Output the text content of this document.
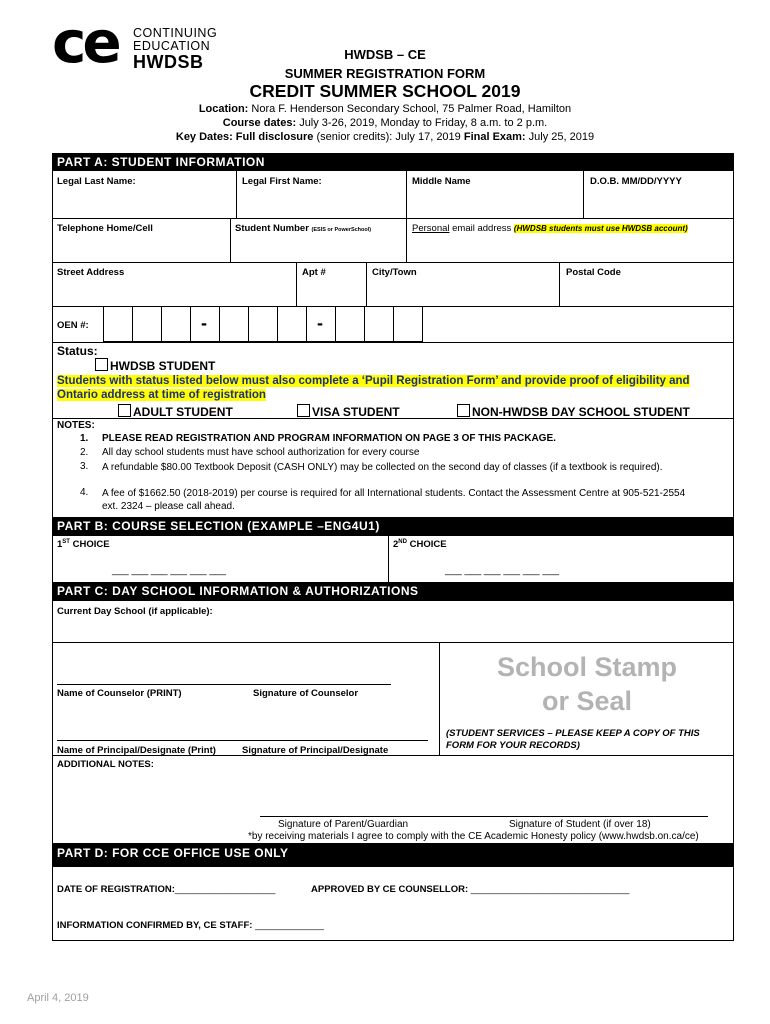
ce CONTINUING
EDUCATION
HWDSB	HWDSB – CE
SUMMER REGISTRATION FORM
CREDIT SUMMER SCHOOL 2019
Location: Nora F. Henderson Secondary School, 75 Palmer Road, Hamilton
Course dates: July 3-26, 2019, Monday to Friday, 8 a.m. to 2 p.m.
Key Dates: Full disclosure (senior credits): July 17, 2019 Final Exam: July 25, 2019
PART A: STUDENT INFORMATION
Legal Last Name:	Legal First Name:	Middle Name	D.O.B. MM/DD/YYYY
Telephone Home/Cell	Student Number (ESIS or PowerSchool)	Personal email address (HWDSB students must use HWDSB account)
Street Address	Apt #	City/Town	Postal Code
OEN #:	-	-
Status:
HWDSB STUDENT
Students with status listed below must also complete a ‘Pupil Registration Form’ and provide proof of eligibility and Ontario address at time of registration
ADULT STUDENT	VISA STUDENT	NON-HWDSB DAY SCHOOL STUDENT
NOTES:
1. PLEASE READ REGISTRATION AND PROGRAM INFORMATION ON PAGE 3 OF THIS PACKAGE.
2. All day school students must have school authorization for every course
3. A refundable $80.00 Textbook Deposit (CASH ONLY) may be collected on the second day of classes (if a textbook is required).
4. A fee of $1662.50 (2018-2019) per course is required for all International students. Contact the Assessment Centre at 905-521-2554 ext. 2324 – please call ahead.
PART B: COURSE SELECTION (EXAMPLE –ENG4U1)
1ST CHOICE	2ND CHOICE
___ ___ ___ ___ ___ ___	___ ___ ___ ___ ___ ___
PART C: DAY SCHOOL INFORMATION & AUTHORIZATIONS
Current Day School (if applicable):
Name of Counselor (PRINT)	Signature of Counselor
School Stamp
or Seal
Name of Principal/Designate (Print)	Signature of Principal/Designate
(STUDENT SERVICES – PLEASE KEEP A COPY OF THIS FORM FOR YOUR RECORDS)
ADDITIONAL NOTES:
Signature of Parent/Guardian	Signature of Student (if over 18)
*by receiving materials I agree to comply with the CE Academic Honesty policy (www.hwdsb.on.ca/ce)
PART D: FOR CCE OFFICE USE ONLY
DATE OF REGISTRATION:___________________	APPROVED BY CE COUNSELLOR: ______________________________
INFORMATION CONFIRMED BY, CE STAFF: _____________
April 4, 2019
